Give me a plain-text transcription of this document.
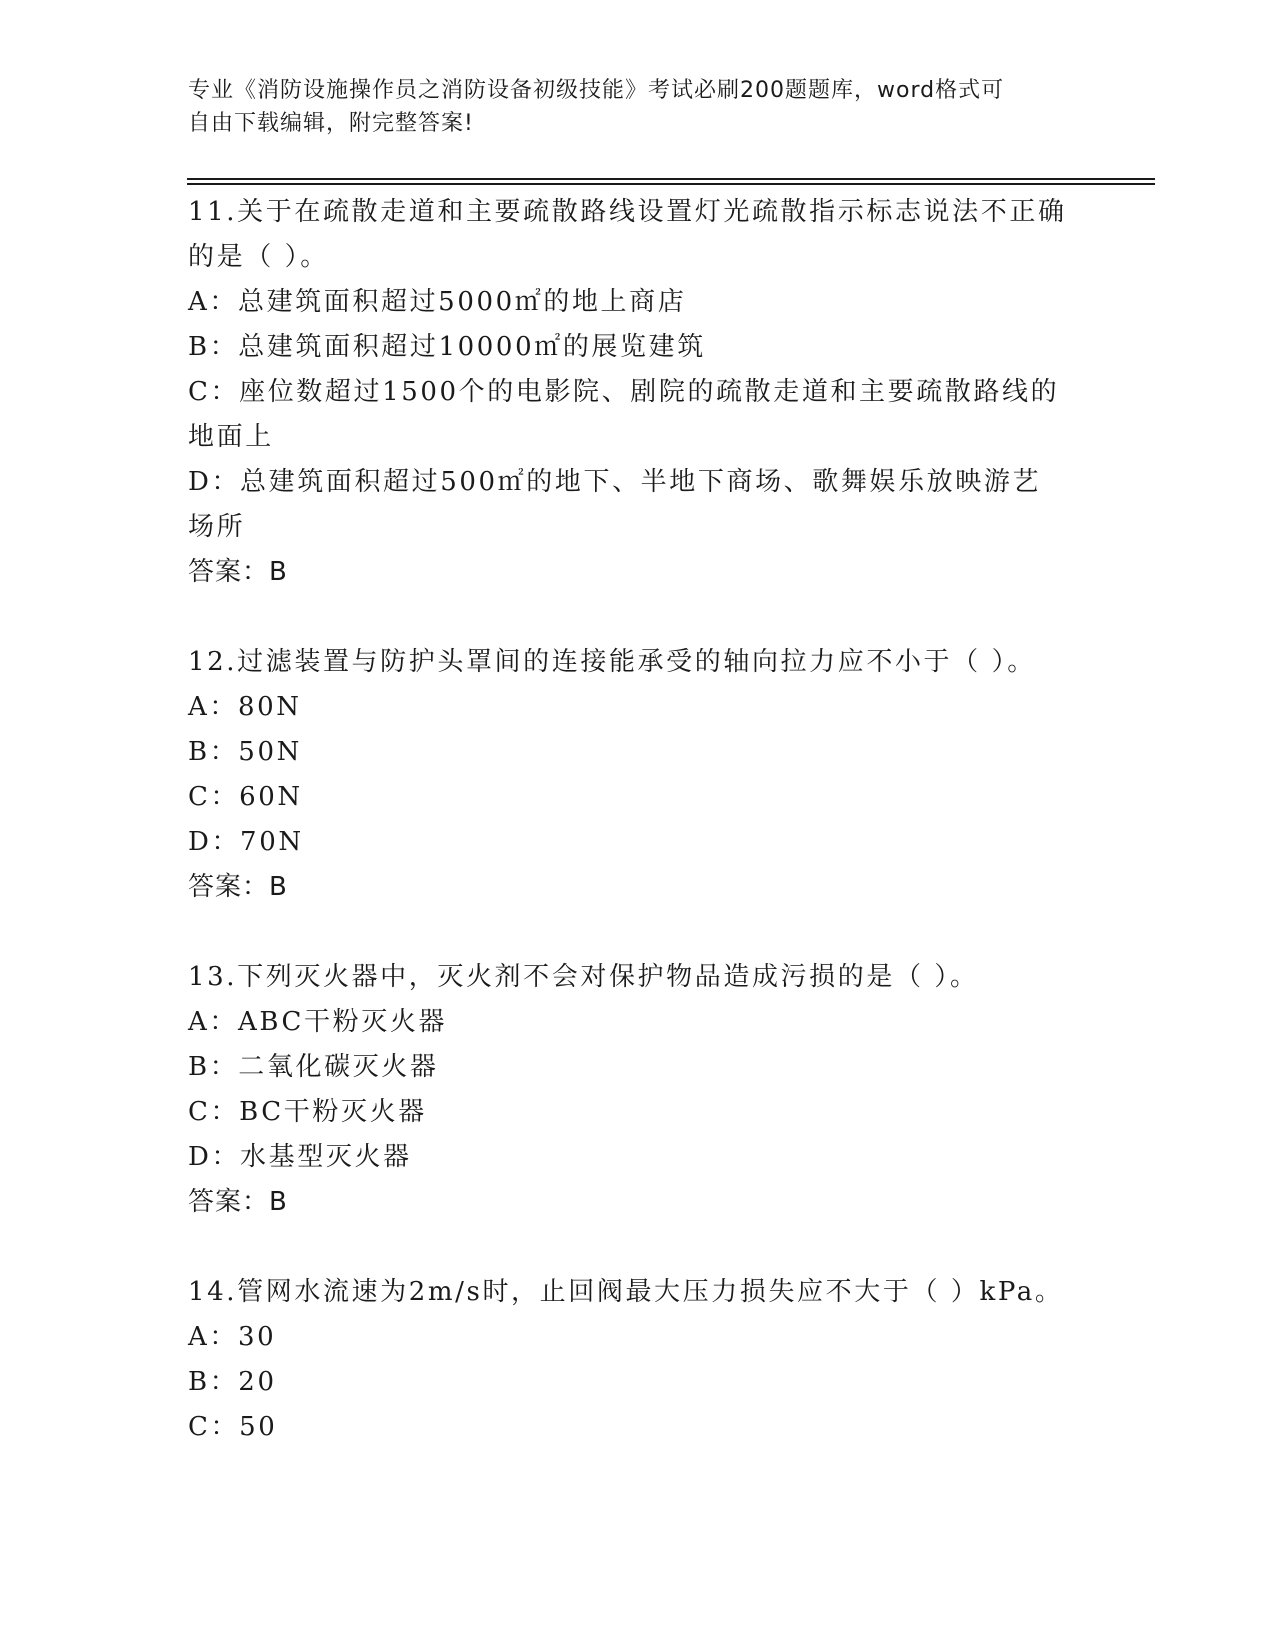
专业《消防设施操作员之消防设备初级技能》考试必刷200题题库，word格式可
自由下载编辑，附完整答案!
11.关于在疏散走道和主要疏散路线设置灯光疏散指示标志说法不正确的是（ ）。
A：总建筑面积超过5000㎡的地上商店
B：总建筑面积超过10000㎡的展览建筑
C：座位数超过1500个的电影院、剧院的疏散走道和主要疏散路线的地面上
D：总建筑面积超过500㎡的地下、半地下商场、歌舞娱乐放映游艺场所
答案：B
12.过滤装置与防护头罩间的连接能承受的轴向拉力应不小于（ ）。
A：80N
B：50N
C：60N
D：70N
答案：B
13.下列灭火器中，灭火剂不会对保护物品造成污损的是（ ）。
A：ABC干粉灭火器
B：二氧化碳灭火器
C：BC干粉灭火器
D：水基型灭火器
答案：B
14.管网水流速为2m/s时，止回阀最大压力损失应不大于（ ）kPa。
A：30
B：20
C：50
